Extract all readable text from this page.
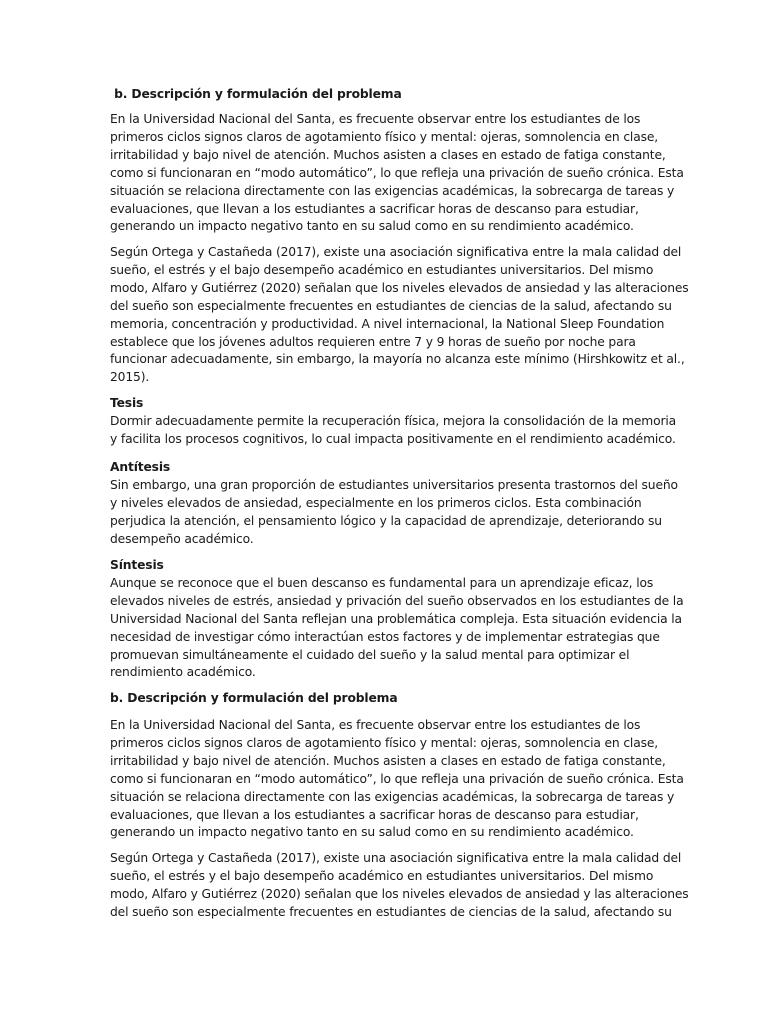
b. Descripción y formulación del problema
En la Universidad Nacional del Santa, es frecuente observar entre los estudiantes de los
primeros ciclos signos claros de agotamiento físico y mental: ojeras, somnolencia en clase,
irritabilidad y bajo nivel de atención. Muchos asisten a clases en estado de fatiga constante,
como si funcionaran en “modo automático”, lo que refleja una privación de sueño crónica. Esta
situación se relaciona directamente con las exigencias académicas, la sobrecarga de tareas y
evaluaciones, que llevan a los estudiantes a sacrificar horas de descanso para estudiar,
generando un impacto negativo tanto en su salud como en su rendimiento académico.
Según Ortega y Castañeda (2017), existe una asociación significativa entre la mala calidad del
sueño, el estrés y el bajo desempeño académico en estudiantes universitarios. Del mismo
modo, Alfaro y Gutiérrez (2020) señalan que los niveles elevados de ansiedad y las alteraciones
del sueño son especialmente frecuentes en estudiantes de ciencias de la salud, afectando su
memoria, concentración y productividad. A nivel internacional, la National Sleep Foundation
establece que los jóvenes adultos requieren entre 7 y 9 horas de sueño por noche para
funcionar adecuadamente, sin embargo, la mayoría no alcanza este mínimo (Hirshkowitz et al.,
2015).
Tesis
Dormir adecuadamente permite la recuperación física, mejora la consolidación de la memoria
y facilita los procesos cognitivos, lo cual impacta positivamente en el rendimiento académico.
Antítesis
Sin embargo, una gran proporción de estudiantes universitarios presenta trastornos del sueño
y niveles elevados de ansiedad, especialmente en los primeros ciclos. Esta combinación
perjudica la atención, el pensamiento lógico y la capacidad de aprendizaje, deteriorando su
desempeño académico.
Síntesis
Aunque se reconoce que el buen descanso es fundamental para un aprendizaje eficaz, los
elevados niveles de estrés, ansiedad y privación del sueño observados en los estudiantes de la
Universidad Nacional del Santa reflejan una problemática compleja. Esta situación evidencia la
necesidad de investigar cómo interactúan estos factores y de implementar estrategias que
promuevan simultáneamente el cuidado del sueño y la salud mental para optimizar el
rendimiento académico.
b. Descripción y formulación del problema
En la Universidad Nacional del Santa, es frecuente observar entre los estudiantes de los
primeros ciclos signos claros de agotamiento físico y mental: ojeras, somnolencia en clase,
irritabilidad y bajo nivel de atención. Muchos asisten a clases en estado de fatiga constante,
como si funcionaran en “modo automático”, lo que refleja una privación de sueño crónica. Esta
situación se relaciona directamente con las exigencias académicas, la sobrecarga de tareas y
evaluaciones, que llevan a los estudiantes a sacrificar horas de descanso para estudiar,
generando un impacto negativo tanto en su salud como en su rendimiento académico.
Según Ortega y Castañeda (2017), existe una asociación significativa entre la mala calidad del
sueño, el estrés y el bajo desempeño académico en estudiantes universitarios. Del mismo
modo, Alfaro y Gutiérrez (2020) señalan que los niveles elevados de ansiedad y las alteraciones
del sueño son especialmente frecuentes en estudiantes de ciencias de la salud, afectando su
